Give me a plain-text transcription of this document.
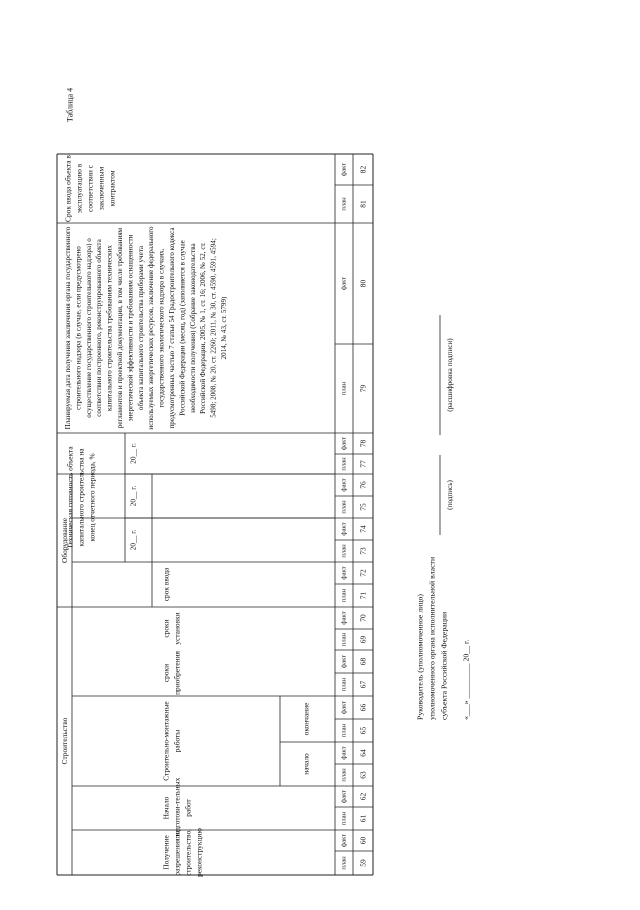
Таблица 4
Строительство
Оборудование
Получение разрешения на строительство, реконструкцию
Начало подготови-тельных работ
Строительно-монтажные работы
начало
окончание
сроки приобретения
сроки установки
срок ввода
Техническая готовность объекта капитального строительства на конец отчетного периода, %	20__ г.
20__ г.
20__ г.
Планируемая дата получения заключения органа государственного строительного надзора (в случае, если предусмотрено осуществление государственного строительного надзора) о соответствии построенного, реконструированного объекта капитального строительства требованиям технических регламентов и проектной документации, в том числе требованиям энергетической эффективности и требованиям оснащенности объекта капитального строительства приборами учета используемых энергетических ресурсов, заключение федерального государственного экологического надзора в случаях, предусмотренных частью 7 статьи 54 Градостроительного кодекса Российской Федерации (месяц, год) (заполняется в случае необходимости получения) (Собрание законодательства Российской Федерации, 2005, № 1, ст. 16; 2006, № 52, ст. 5498; 2008, № 20, ст. 2260; 2011, № 30, ст. 4590, 4591, 4594; 2014, № 43, ст. 5799)
Срок ввода объекта в эксплуатацию в соответствии с заключенным контрактом
план 59
факт 60
план 61
факт 62
план 63
факт 64
план 65
факт 66
план 67
факт 68
план 69
факт 70
план 71
факт 72
план 73
факт 74
план 75
факт 76
план 77
факт 78
план 79
факт 80
план 81
факт 82
Руководитель (уполномоченное лицо) уполномоченного органа исполнительной власти субъекта Российской Федерации
(подпись)
(расшифровка подписи)
«___» _________ 20__ г.
